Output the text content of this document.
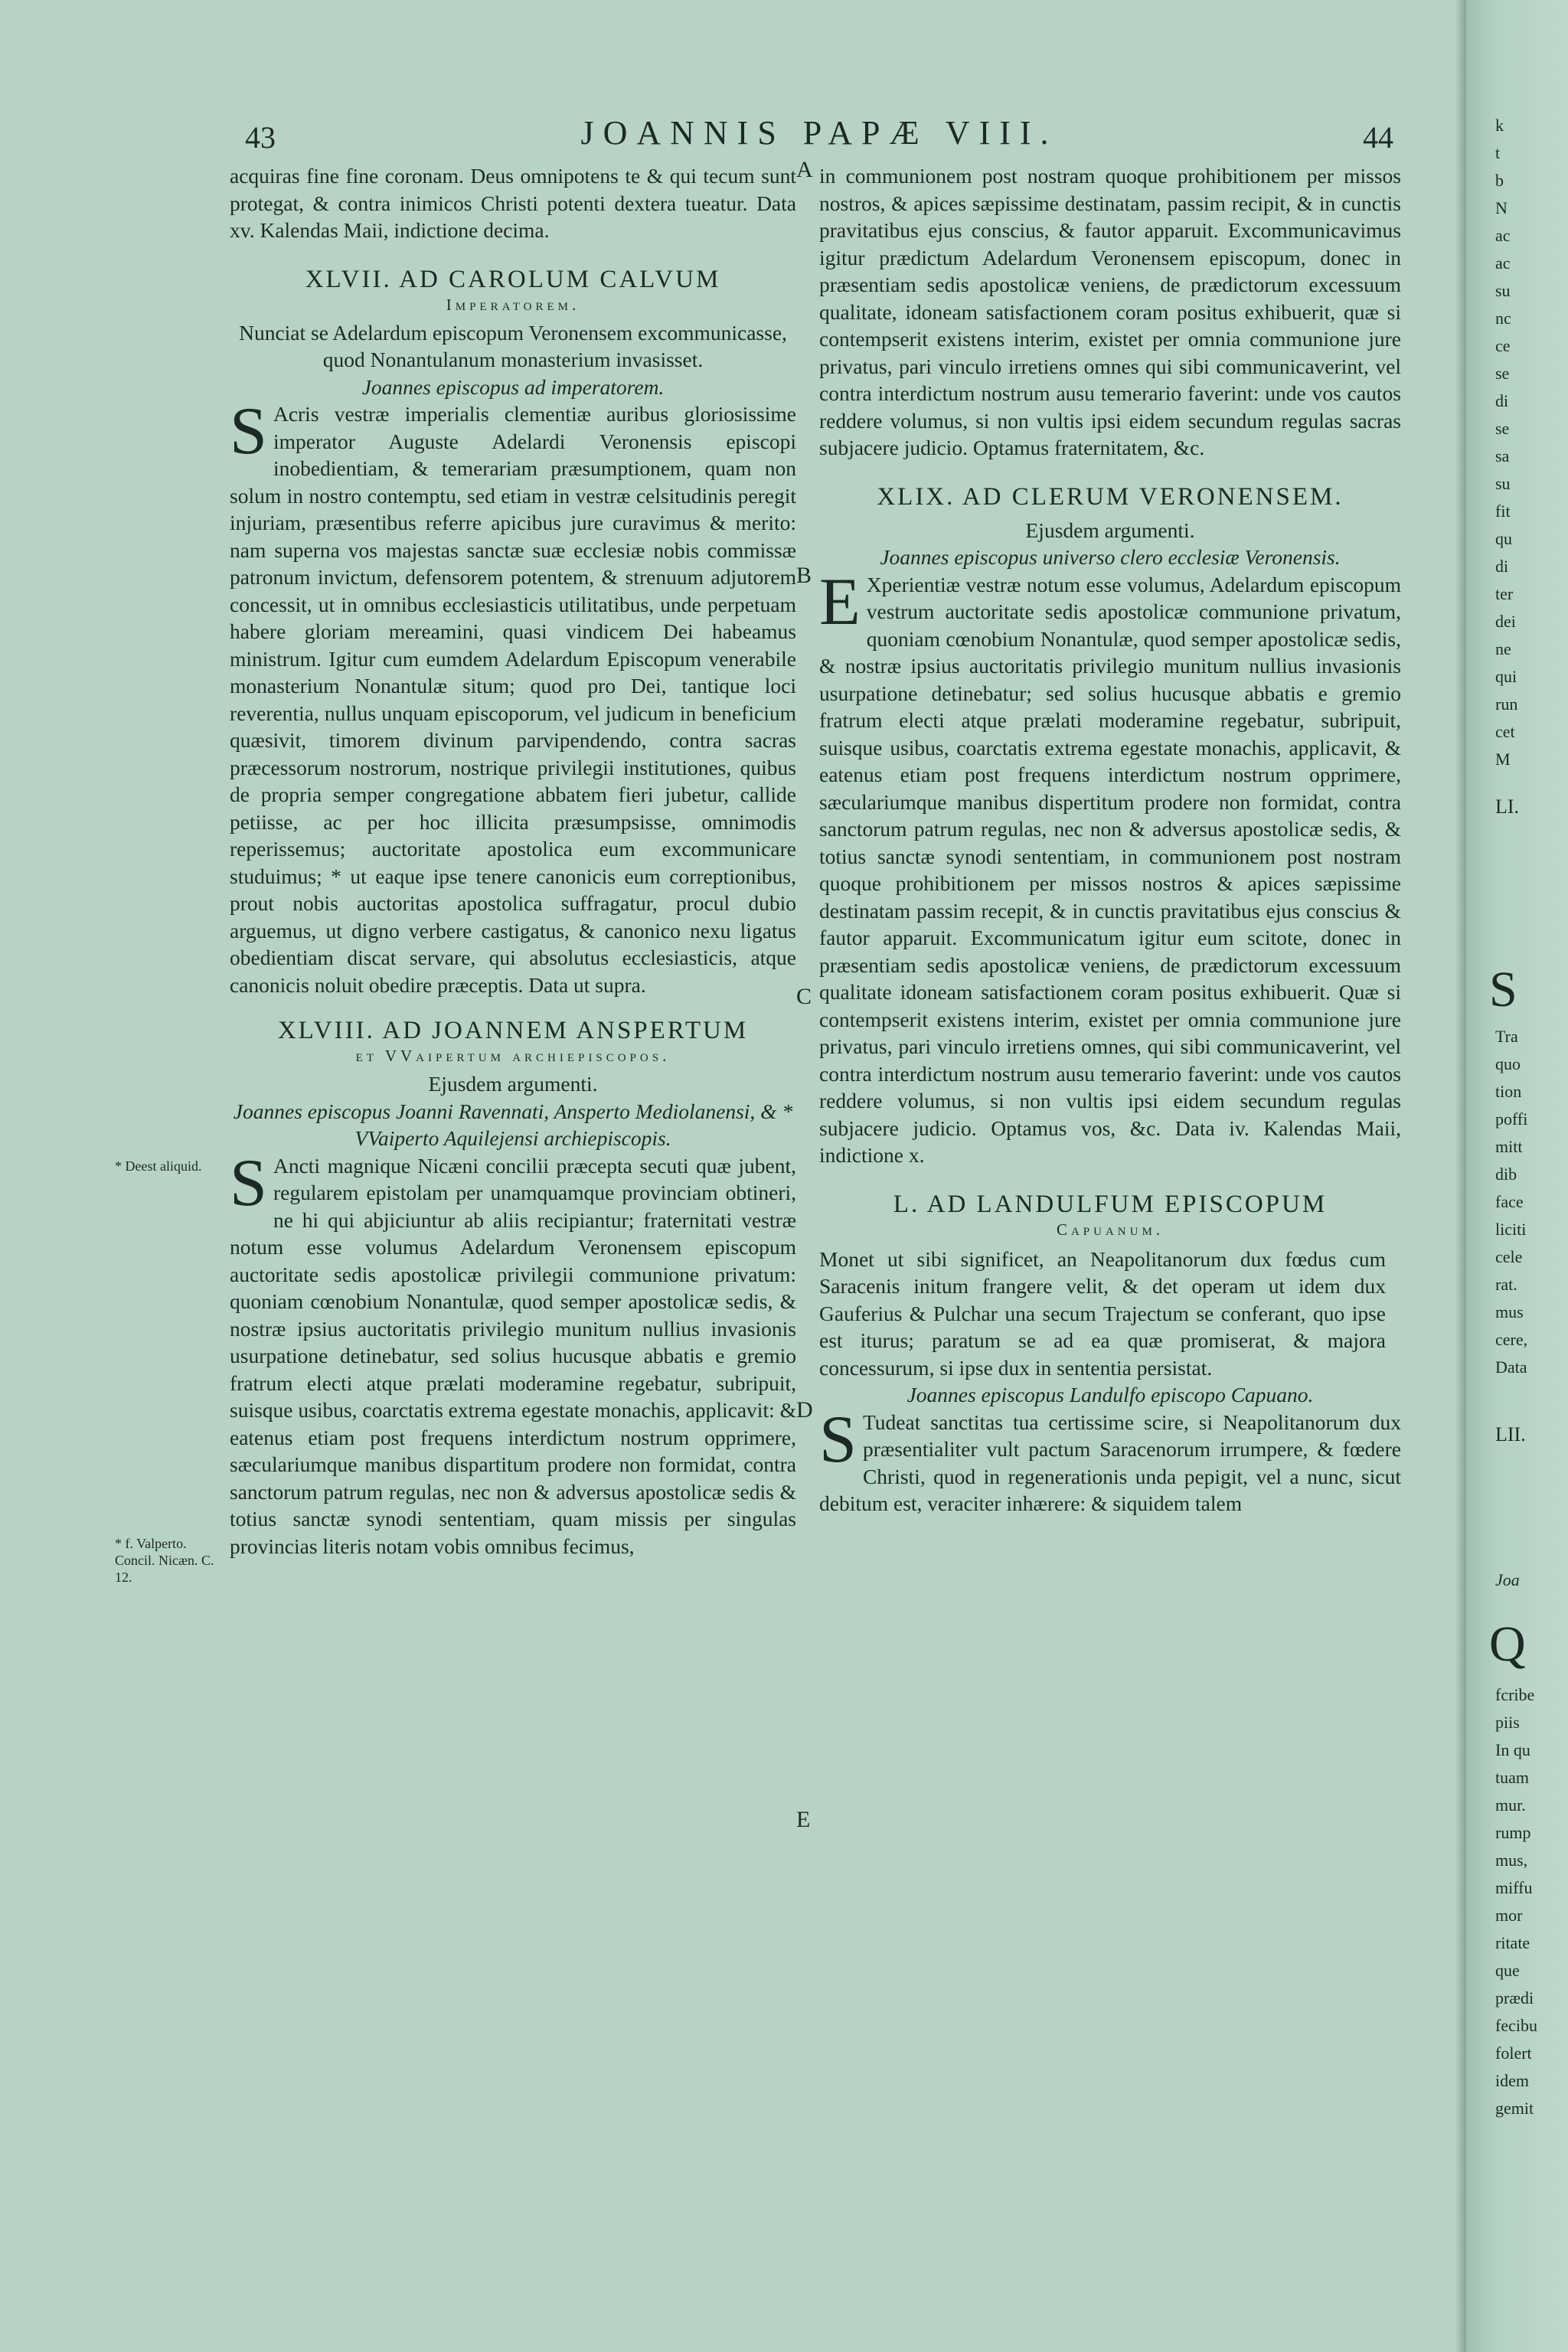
43	JOANNIS PAPÆ VIII.	44

acquiras fine fine coronam. Deus omnipotens te & qui tecum sunt protegat, & contra inimicos Christi potenti dextera tueatur. Data xv. Kalendas Maii, indictione decima.

XLVII. AD CAROLUM CALVUM
Imperatorem.

Nunciat se Adelardum episcopum Veronensem excommunicasse, quod Nonantulanum monasterium invasisset.

Joannes episcopus ad imperatorem.

S Acris vestræ imperialis clementiæ auribus gloriosissime imperator Auguste Adelardi Veronensis episcopi inobedientiam, & temerariam præsumptionem, quam non solum in nostro contemptu, sed etiam in vestræ celsitudinis peregit injuriam, præsentibus referre apicibus jure curavimus & merito: nam superna vos majestas sanctæ suæ ecclesiæ nobis commissæ patronum invictum, defensorem potentem, & strenuum adjutorem concessit, ut in omnibus ecclesiasticis utilitatibus, unde perpetuam habere gloriam mereamini, quasi vindicem Dei habeamus ministrum. Igitur cum eumdem Adelardum Episcopum venerabile monasterium Nonantulæ situm; quod pro Dei, tantique loci reverentia, nullus unquam episcoporum, vel judicum in beneficium quæsivit, timorem divinum parvipendendo, contra sacras præcessorum nostrorum, nostrique privilegii institutiones, quibus de propria semper congregatione abbatem fieri jubetur, callide petiisse, ac per hoc illicita præsumpsisse, omnimodis reperissemus; auctoritate apostolica eum excommunicare studuimus; * ut eaque ipse tenere canonicis eum correptionibus, prout nobis auctoritas apostolica suffragatur, procul dubio arguemus, ut digno verbere castigatus, & canonico nexu ligatus obedientiam discat servare, qui absolutus ecclesiasticis, atque canonicis noluit obedire præceptis. Data ut supra.

XLVIII. AD JOANNEM ANSPERTUM
et VVaipertum archiepiscopos.

Ejusdem argumenti.

Joannes episcopus Joanni Ravennati, Ansperto Mediolanensi, & * VVaiperto Aquilejensi archiepiscopis.

S Ancti magnique Nicæni concilii præcepta secuti quæ jubent, regularem epistolam per unamquamque provinciam obtineri, ne hi qui abjiciuntur ab aliis recipiantur; fraternitati vestræ notum esse volumus Adelardum Veronensem episcopum auctoritate sedis apostolicæ privilegii communione privatum: quoniam cœnobium Nonantulæ, quod semper apostolicæ sedis, & nostræ ipsius auctoritatis privilegio munitum nullius invasionis usurpatione detinebatur, sed solius hucusque abbatis e gremio fratrum electi atque prælati moderamine regebatur, subripuit, suisque usibus, coarctatis extrema egestate monachis, applicavit: & eatenus etiam post frequens interdictum nostrum opprimere, sæculariumque manibus dispartitum prodere non formidat, contra sanctorum patrum regulas, nec non & adversus apostolicæ sedis & totius sanctæ synodi sententiam, quam missis per singulas provincias literis notam vobis omnibus fecimus,

in communionem post nostram quoque prohibitionem per missos nostros, & apices sæpissime destinatam, passim recipit, & in cunctis pravitatibus ejus conscius, & fautor apparuit. Excommunicavimus igitur prædictum Adelardum Veronensem episcopum, donec in præsentiam sedis apostolicæ veniens, de prædictorum excessuum qualitate, idoneam satisfactionem coram positus exhibuerit, quæ si contempserit existens interim, existet per omnia communione jure privatus, pari vinculo irretiens omnes qui sibi communicaverint, vel contra interdictum nostrum ausu temerario faverint: unde vos cautos reddere volumus, si non vultis ipsi eidem secundum regulas sacras subjacere judicio. Optamus fraternitatem, &c.

XLIX. AD CLERUM VERONENSEM.

Ejusdem argumenti.

Joannes episcopus universo clero ecclesiæ Veronensis.

E Xperientiæ vestræ notum esse volumus, Adelardum episcopum vestrum auctoritate sedis apostolicæ communione privatum, quoniam cœnobium Nonantulæ, quod semper apostolicæ sedis, & nostræ ipsius auctoritatis privilegio munitum nullius invasionis usurpatione detinebatur; sed solius hucusque abbatis e gremio fratrum electi atque prælati moderamine regebatur, subripuit, suisque usibus, coarctatis extrema egestate monachis, applicavit, & eatenus etiam post frequens interdictum nostrum opprimere, sæculariumque manibus dispertitum prodere non formidat, contra sanctorum patrum regulas, nec non & adversus apostolicæ sedis, & totius sanctæ synodi sententiam, in communionem post nostram quoque prohibitionem per missos nostros & apices sæpissime destinatam passim recepit, & in cunctis pravitatibus ejus conscius & fautor apparuit. Excommunicatum igitur eum scitote, donec in præsentiam sedis apostolicæ veniens, de prædictorum excessuum qualitate idoneam satisfactionem coram positus exhibuerit. Quæ si contempserit existens interim, existet per omnia communione jure privatus, pari vinculo irretiens omnes, qui sibi communicaverint, vel contra interdictum nostrum ausu temerario faverint: unde vos cautos reddere volumus, si non vultis ipsi eidem secundum regulas subjacere judicio. Optamus vos, &c. Data iv. Kalendas Maii, indictione x.

L. AD LANDULFUM EPISCOPUM
Capuanum.

Monet ut sibi significet, an Neapolitanorum dux fœdus cum Saracenis initum frangere velit, & det operam ut idem dux Gauferius & Pulchar una secum Trajectum se conferant, quo ipse est iturus; paratum se ad ea quæ promiserat, & majora concessurum, si ipse dux in sententia persistat.

Joannes episcopus Landulfo episcopo Capuano.

S Tudeat sanctitas tua certissime scire, si Neapolitanorum dux præsentialiter vult pactum Saracenorum irrumpere, & fœdere Christi, quod in regenerationis unda pepigit, vel a nunc, sicut debitum est, veraciter inhærere: & siquidem talem

A
B
C
D
E
* Deest aliquid.
* f. Valperto. Concil. Nicæn. C. 12.
k
t
b
N
ac
ac
su
nc
ce
se
di
se
sa
su
fit
qu
di
ter
dei
ne
qui
run
cet
M
LI.
S
Tra
quo
tion
poffi
mitt
dib
face
liciti
cele
rat.
mus
cere,
Data
LII.
Joa
Q
fcribe
piis
In qu
tuam
mur.
rump
mus,
miffu
mor
ritate
que
prædi
fecibu
folert
idem
gemit
